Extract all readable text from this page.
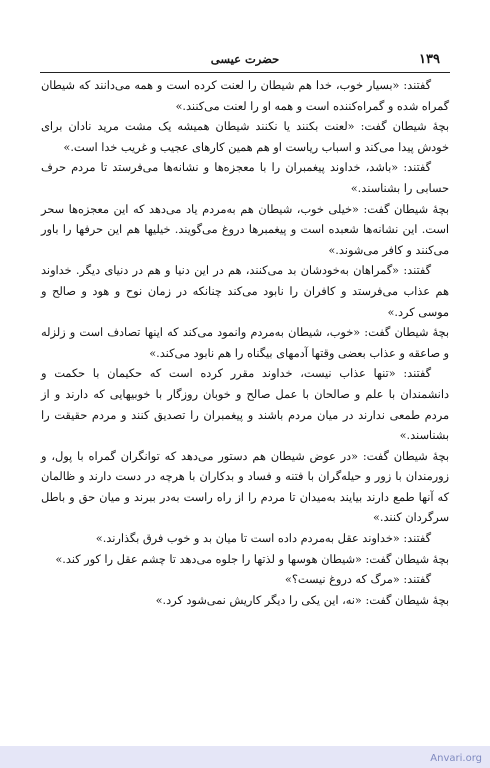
١٣٩
حضرت عیسی

گفتند: «بسیار خوب، خدا هم شیطان را لعنت کرده است و همه می‌دانند که شیطان گمراه شده و گمراه‌کننده است و همه او را لعنت می‌کنند.»

بچهٔ شیطان گفت: «لعنت بکنند یا نکنند شیطان همیشه یک مشت مرید نادان برای خودش پیدا می‌کند و اسباب ریاست او هم همین کارهای عجیب و غریب خدا است.»

گفتند: «باشد، خداوند پیغمبران را با معجزه‌ها و نشانه‌ها می‌فرستد تا مردم حرف حسابی را بشناسند.»

بچهٔ شیطان گفت: «خیلی خوب، شیطان هم به‌مردم یاد می‌دهد که این معجزه‌ها سحر است. این نشانه‌ها شعبده است و پیغمبرها دروغ می‌گویند. خیلیها هم این حرفها را باور می‌کنند و کافر می‌شوند.»

گفتند: «گمراهان به‌خودشان بد می‌کنند، هم در این دنیا و هم در دنیای دیگر. خداوند هم عذاب می‌فرستد و کافران را نابود می‌کند چنانکه در زمان نوح و هود و صالح و موسی کرد.»

بچهٔ شیطان گفت: «خوب، شیطان به‌مردم وانمود می‌کند که اینها تصادف است و زلزله و صاعقه و عذاب بعضی وقتها آدمهای بیگناه را هم نابود می‌کند.»

گفتند: «تنها عذاب نیست، خداوند مقرر کرده است که حکیمان با حکمت و دانشمندان با علم و صالحان با عمل صالح و خوبان روزگار با خوبیهایی که دارند و از مردم طمعی ندارند در میان مردم باشند و پیغمبران را تصدیق کنند و مردم حقیقت را بشناسند.»

بچهٔ شیطان گفت: «در عوض شیطان هم دستور می‌دهد که توانگران گمراه با پول، و زورمندان با زور و حیله‌گران با فتنه و فساد و بدکاران با هرچه در دست دارند و ظالمان که آنها طمع دارند بیایند به‌میدان تا مردم را از راه راست به‌در ببرند و میان حق و باطل سرگردان کنند.»

گفتند: «خداوند عقل به‌مردم داده است تا میان بد و خوب فرق بگذارند.»

بچهٔ شیطان گفت: «شیطان هوسها و لذتها را جلوه می‌دهد تا چشم عقل را کور کند.»

گفتند: «مرگ که دروغ نیست؟»

بچهٔ شیطان گفت: «نه، این یکی را دیگر کاریش نمی‌شود کرد.»

Anvari.org
